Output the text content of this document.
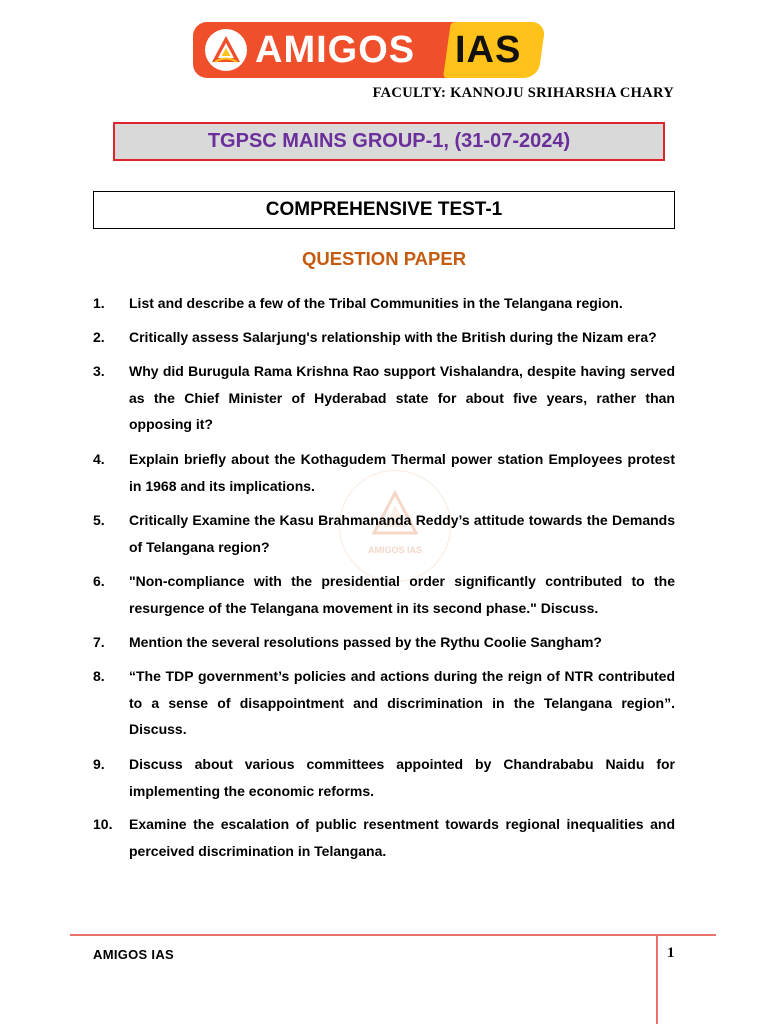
AMIGOS IAS
FACULTY: KANNOJU SRIHARSHA CHARY
TGPSC MAINS GROUP-1, (31-07-2024)
COMPREHENSIVE TEST-1
QUESTION PAPER
AMIGOS IAS
1. List and describe a few of the Tribal Communities in the Telangana region.
2. Critically assess Salarjung's relationship with the British during the Nizam era?
3. Why did Burugula Rama Krishna Rao support Vishalandra, despite having served as the Chief Minister of Hyderabad state for about five years, rather than opposing it?
4. Explain briefly about the Kothagudem Thermal power station Employees protest in 1968 and its implications.
5. Critically Examine the Kasu Brahmananda Reddy’s attitude towards the Demands of Telangana region?
6. "Non-compliance with the presidential order significantly contributed to the resurgence of the Telangana movement in its second phase." Discuss.
7. Mention the several resolutions passed by the Rythu Coolie Sangham?
8. “The TDP government’s policies and actions during the reign of NTR contributed to a sense of disappointment and discrimination in the Telangana region”. Discuss.
9. Discuss about various committees appointed by Chandrababu Naidu for implementing the economic reforms.
10. Examine the escalation of public resentment towards regional inequalities and perceived discrimination in Telangana.
AMIGOS IAS	1
